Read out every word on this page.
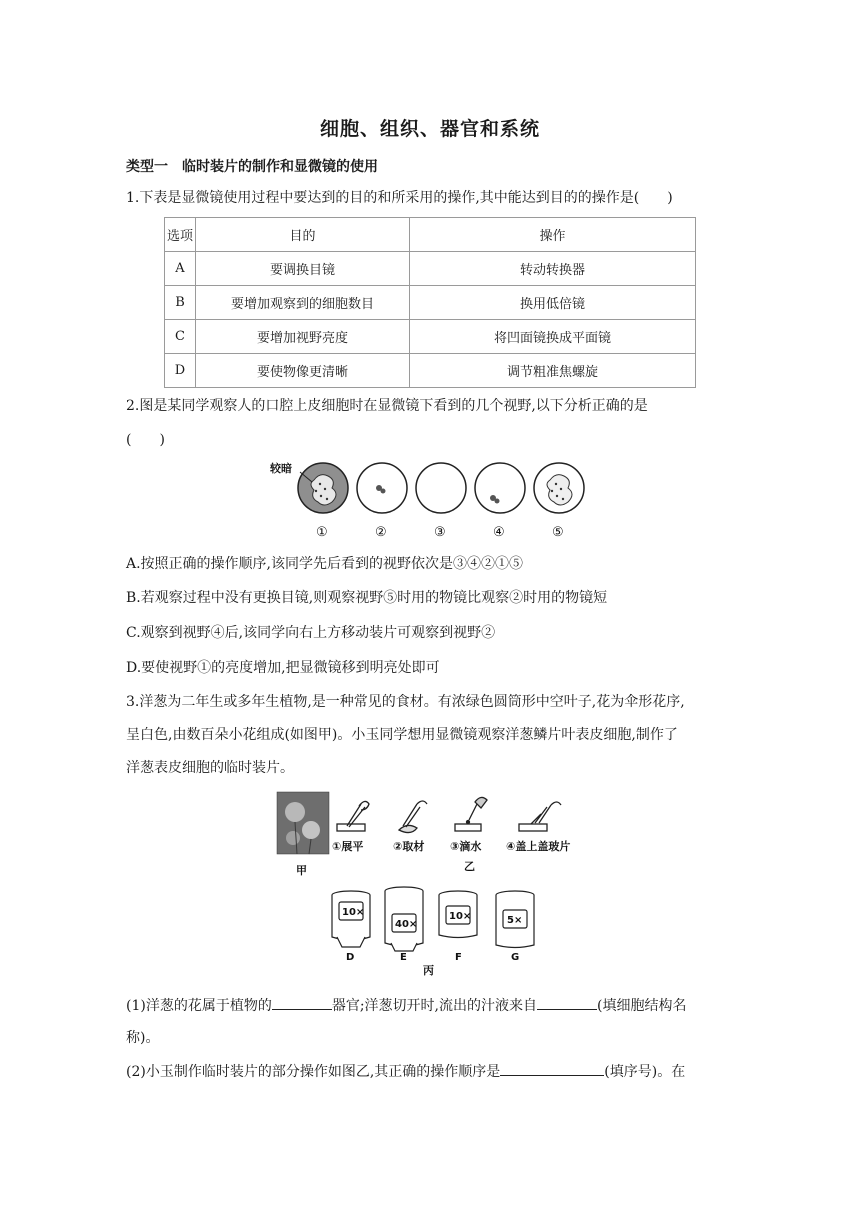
细胞、组织、器官和系统
类型一 临时装片的制作和显微镜的使用
1.下表是显微镜使用过程中要达到的目的和所采用的操作,其中能达到目的的操作是(　　)
选项	目的	操作
A	要调换目镜	转动转换器
B	要增加观察到的细胞数目	换用低倍镜
C	要增加视野亮度	将凹面镜换成平面镜
D	要使物像更清晰	调节粗准焦螺旋
2.图是某同学观察人的口腔上皮细胞时在显微镜下看到的几个视野,以下分析正确的是
(　　)
较暗
①	②	③	④	⑤
A.按照正确的操作顺序,该同学先后看到的视野依次是③④②①⑤
B.若观察过程中没有更换目镜,则观察视野⑤时用的物镜比观察②时用的物镜短
C.观察到视野④后,该同学向右上方移动装片可观察到视野②
D.要使视野①的亮度增加,把显微镜移到明亮处即可
3.洋葱为二年生或多年生植物,是一种常见的食材。有浓绿色圆筒形中空叶子,花为伞形花序,
呈白色,由数百朵小花组成(如图甲)。小玉同学想用显微镜观察洋葱鳞片叶表皮细胞,制作了
洋葱表皮细胞的临时装片。
甲
①展平	②取材 ③滴水 ④盖上盖玻片
乙
10×
D
40×
E
10×
F
5×
G
丙
(1)洋葱的花属于植物的	器官;洋葱切开时,流出的汁液来自	(填细胞结构名
称)。
(2)小玉制作临时装片的部分操作如图乙,其正确的操作顺序是	(填序号)。在
